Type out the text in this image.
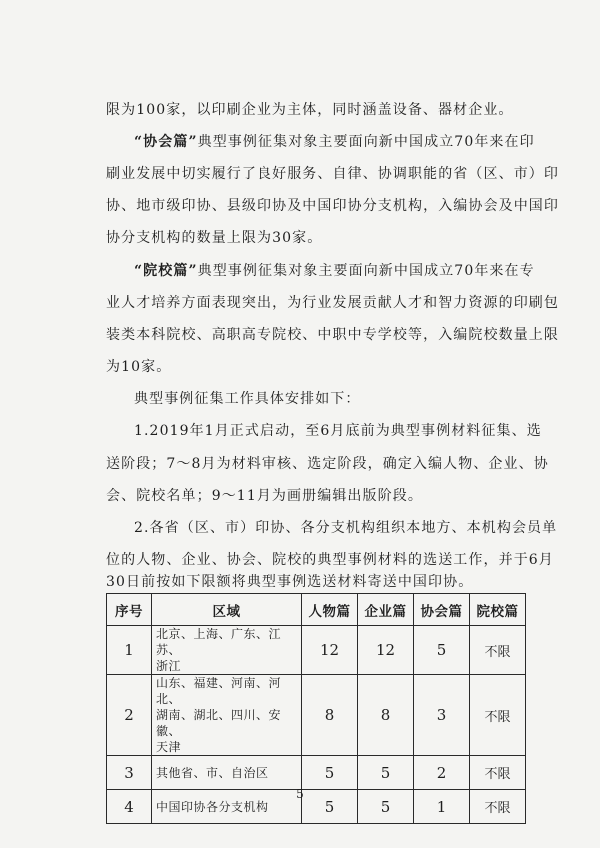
限为100家，以印刷企业为主体，同时涵盖设备、器材企业。
“协会篇”典型事例征集对象主要面向新中国成立70年来在印
刷业发展中切实履行了良好服务、自律、协调职能的省（区、市）印
协、地市级印协、县级印协及中国印协分支机构，入编协会及中国印
协分支机构的数量上限为30家。
“院校篇”典型事例征集对象主要面向新中国成立70年来在专
业人才培养方面表现突出，为行业发展贡献人才和智力资源的印刷包
装类本科院校、高职高专院校、中职中专学校等，入编院校数量上限
为10家。
典型事例征集工作具体安排如下：
1.2019年1月正式启动，至6月底前为典型事例材料征集、选
送阶段；7～8月为材料审核、选定阶段，确定入编人物、企业、协
会、院校名单；9～11月为画册编辑出版阶段。
2.各省（区、市）印协、各分支机构组织本地方、本机构会员单
位的人物、企业、协会、院校的典型事例材料的选送工作，并于6月
30日前按如下限额将典型事例选送材料寄送中国印协。
序号	区域	人物篇	企业篇	协会篇	院校篇
1	北京、上海、广东、江苏、
浙江	12	12	5	不限
2	山东、福建、河南、河北、
湖南、湖北、四川、安徽、
天津	8	8	3	不限
3	其他省、市、自治区	5	5	2	不限
4	中国印协各分支机构	5	5	1	不限
5
